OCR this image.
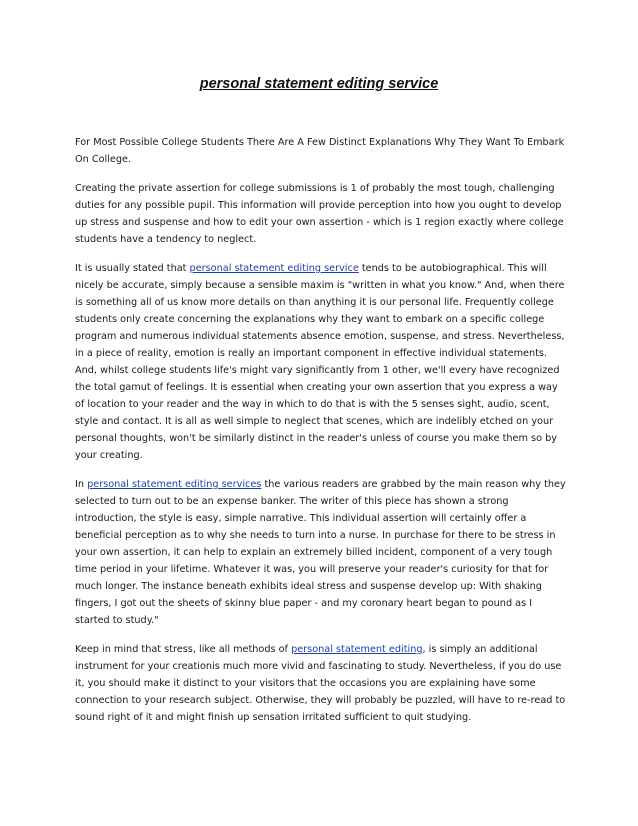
personal statement editing service

For Most Possible College Students There Are A Few Distinct Explanations Why They Want To Embark On College.

Creating the private assertion for college submissions is 1 of probably the most tough, challenging duties for any possible pupil. This information will provide perception into how you ought to develop up stress and suspense and how to edit your own assertion - which is 1 region exactly where college students have a tendency to neglect.

It is usually stated that personal statement editing service tends to be autobiographical. This will nicely be accurate, simply because a sensible maxim is "written in what you know." And, when there is something all of us know more details on than anything it is our personal life. Frequently college students only create concerning the explanations why they want to embark on a specific college program and numerous individual statements absence emotion, suspense, and stress. Nevertheless, in a piece of reality, emotion is really an important component in effective individual statements. And, whilst college students life's might vary significantly from 1 other, we'll every have recognized the total gamut of feelings. It is essential when creating your own assertion that you express a way of location to your reader and the way in which to do that is with the 5 senses sight, audio, scent, style and contact. It is all as well simple to neglect that scenes, which are indelibly etched on your personal thoughts, won't be similarly distinct in the reader's unless of course you make them so by your creating.

In personal statement editing services the various readers are grabbed by the main reason why they selected to turn out to be an expense banker. The writer of this piece has shown a strong introduction, the style is easy, simple narrative. This individual assertion will certainly offer a beneficial perception as to why she needs to turn into a nurse. In purchase for there to be stress in your own assertion, it can help to explain an extremely billed incident, component of a very tough time period in your lifetime. Whatever it was, you will preserve your reader's curiosity for that for much longer. The instance beneath exhibits ideal stress and suspense develop up: With shaking fingers, I got out the sheets of skinny blue paper - and my coronary heart began to pound as I started to study."

Keep in mind that stress, like all methods of personal statement editing, is simply an additional instrument for your creationis much more vivid and fascinating to study. Nevertheless, if you do use it, you should make it distinct to your visitors that the occasions you are explaining have some connection to your research subject. Otherwise, they will probably be puzzled, will have to re-read to sound right of it and might finish up sensation irritated sufficient to quit studying.
